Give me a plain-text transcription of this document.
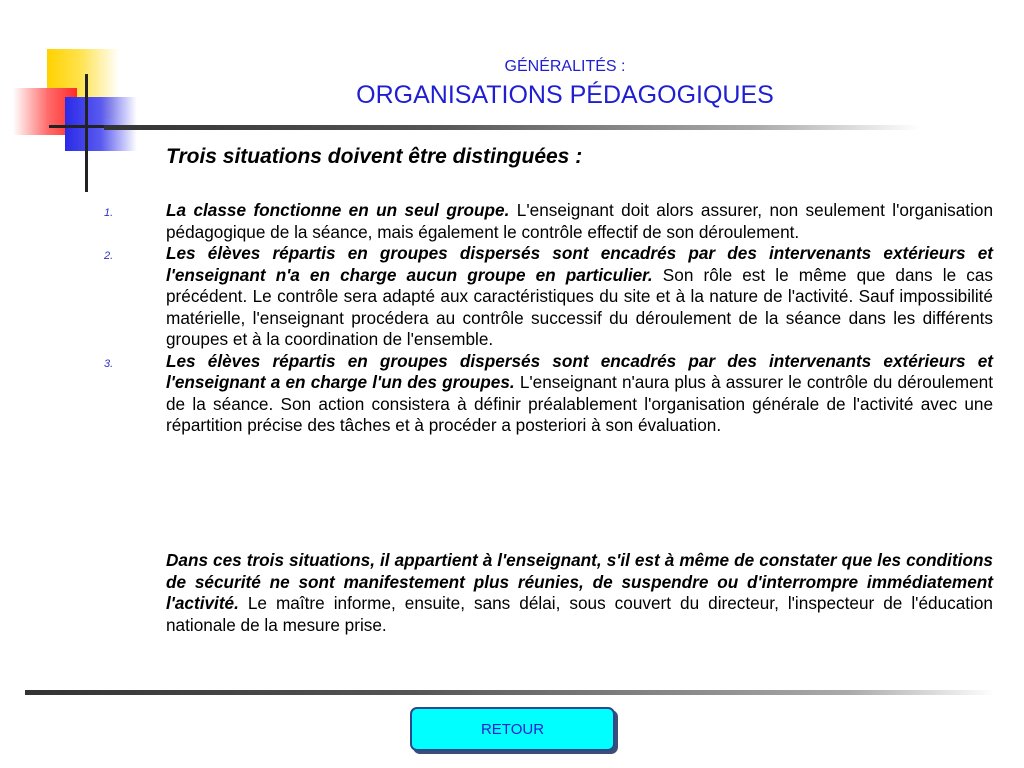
GÉNÉRALITÉS :
ORGANISATIONS PÉDAGOGIQUES
Trois situations doivent être distinguées :
1.	La classe fonctionne en un seul groupe. L'enseignant doit alors assurer, non seulement l'organisation pédagogique de la séance, mais également le contrôle effectif de son déroulement.
2.	Les élèves répartis en groupes dispersés sont encadrés par des intervenants extérieurs et l'enseignant n'a en charge aucun groupe en particulier. Son rôle est le même que dans le cas précédent. Le contrôle sera adapté aux caractéristiques du site et à la nature de l'activité. Sauf impossibilité matérielle, l'enseignant procédera au contrôle successif du déroulement de la séance dans les différents groupes et à la coordination de l'ensemble.
3.	Les élèves répartis en groupes dispersés sont encadrés par des intervenants extérieurs et l'enseignant a en charge l'un des groupes. L'enseignant n'aura plus à assurer le contrôle du déroulement de la séance. Son action consistera à définir préalablement l'organisation générale de l'activité avec une répartition précise des tâches et à procéder a posteriori à son évaluation.
Dans ces trois situations, il appartient à l'enseignant, s'il est à même de constater que les conditions de sécurité ne sont manifestement plus réunies, de suspendre ou d'interrompre immédiatement l'activité. Le maître informe, ensuite, sans délai, sous couvert du directeur, l'inspecteur de l'éducation nationale de la mesure prise.
RETOUR
